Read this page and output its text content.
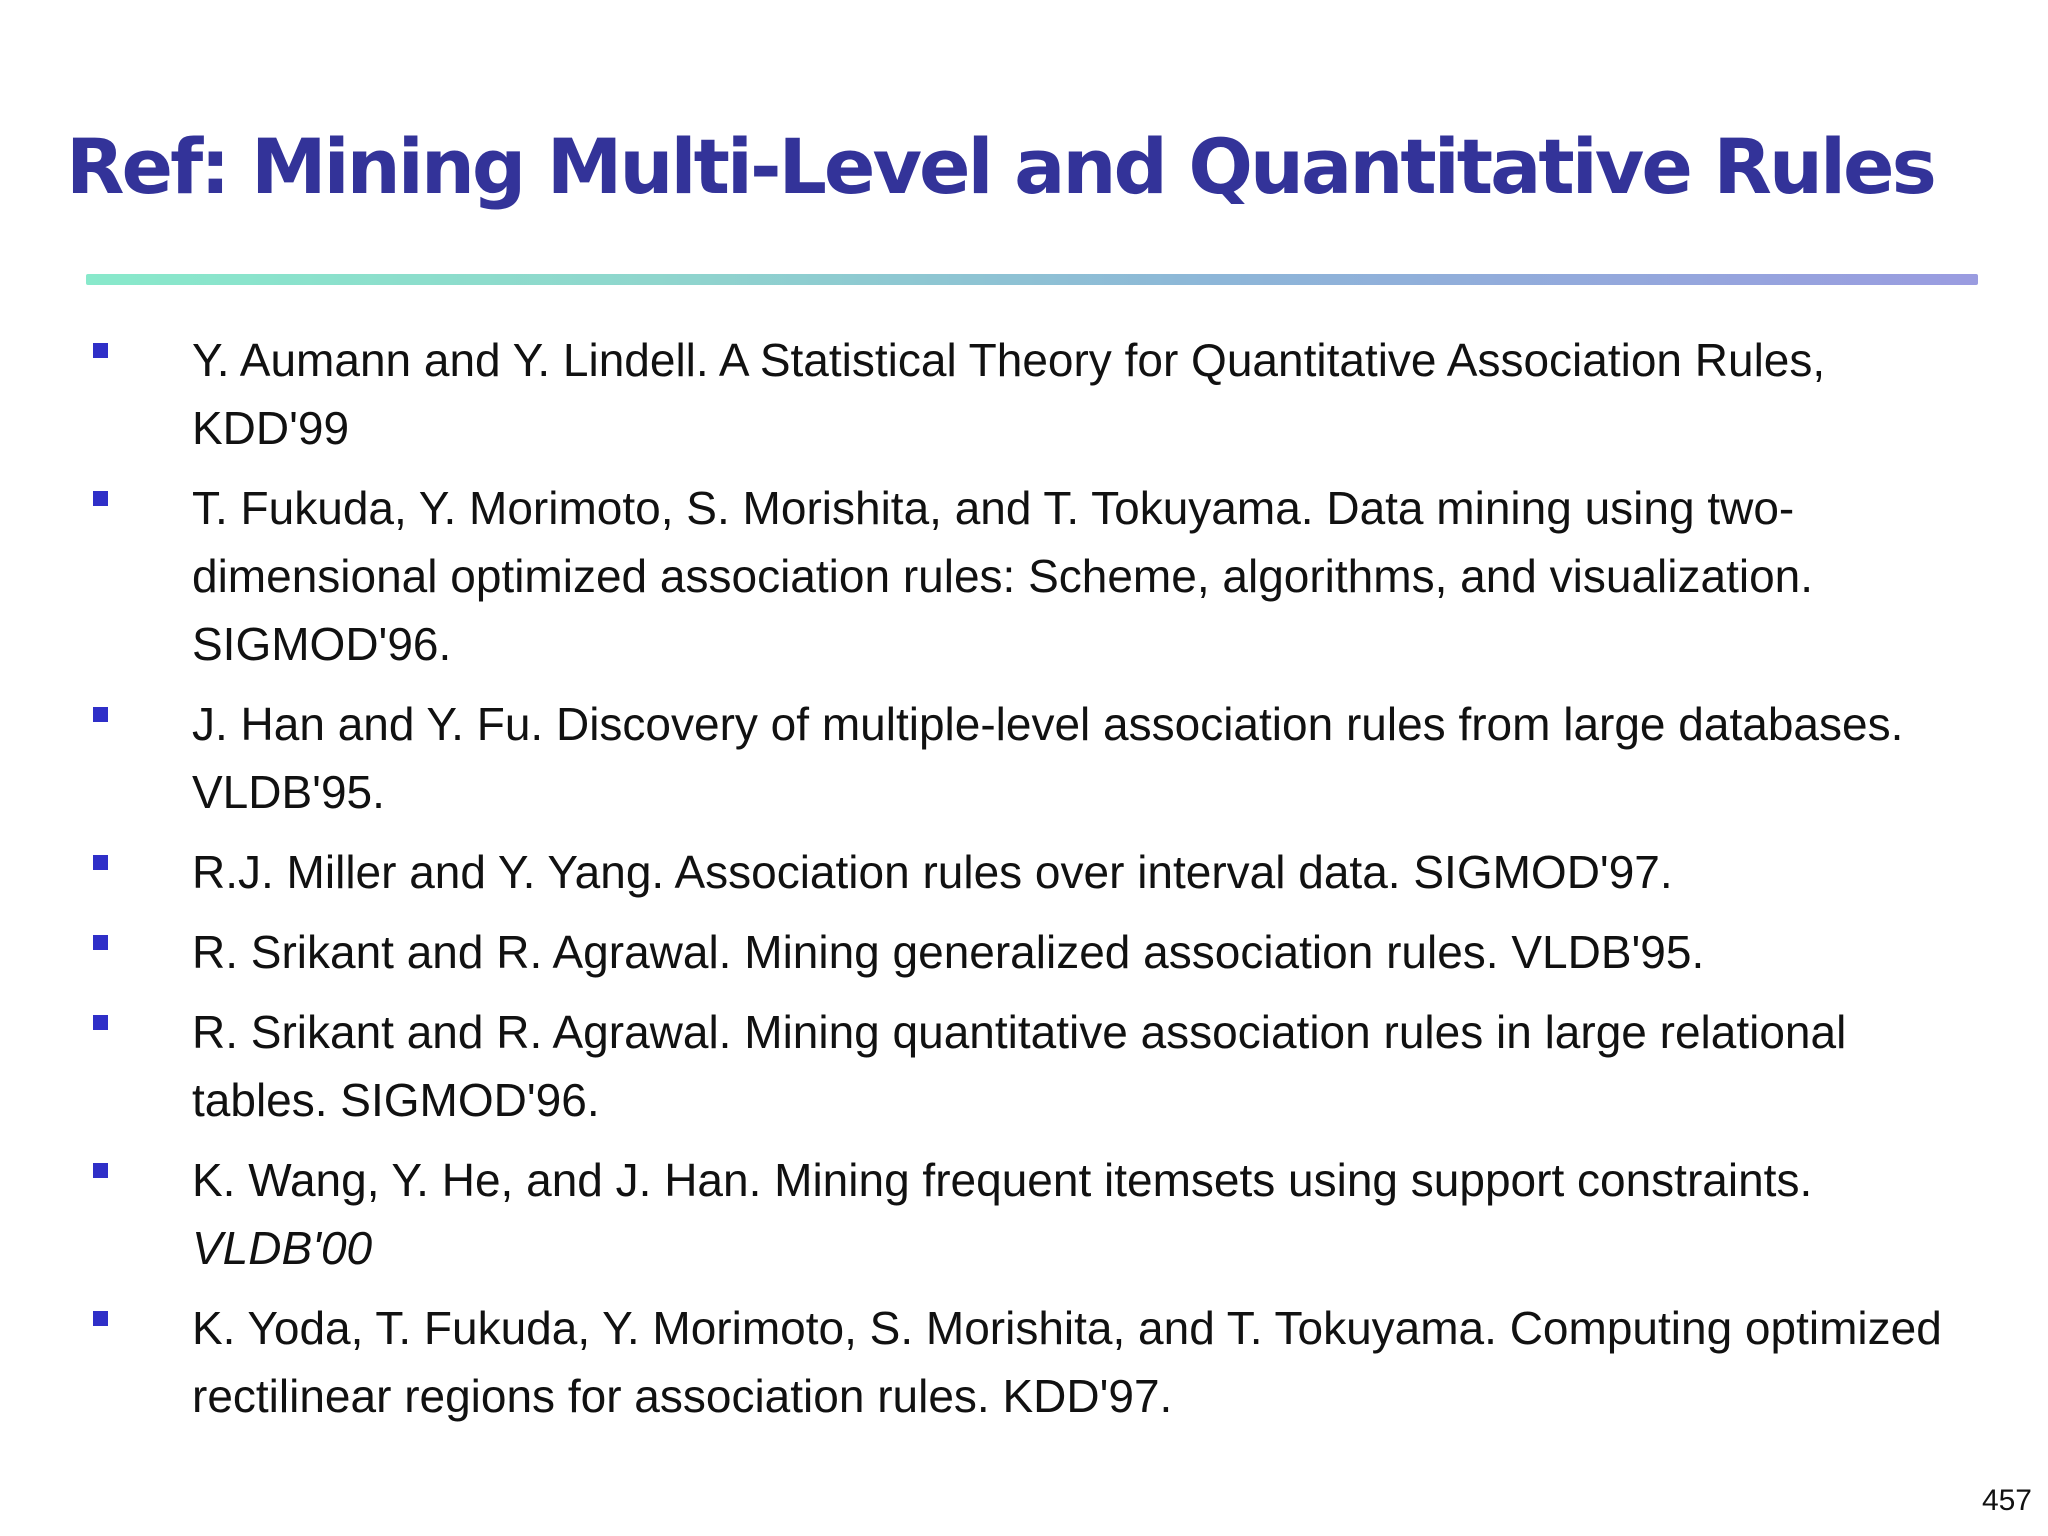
Ref: Mining Multi-Level and Quantitative Rules
Y. Aumann and Y. Lindell. A Statistical Theory for Quantitative Association Rules, KDD'99
T. Fukuda, Y. Morimoto, S. Morishita, and T. Tokuyama. Data mining using two-dimensional optimized association rules: Scheme, algorithms, and visualization. SIGMOD'96.
J. Han and Y. Fu. Discovery of multiple-level association rules from large databases. VLDB'95.
R.J. Miller and Y. Yang. Association rules over interval data. SIGMOD'97.
R. Srikant and R. Agrawal. Mining generalized association rules. VLDB'95.
R. Srikant and R. Agrawal. Mining quantitative association rules in large relational tables. SIGMOD'96.
K. Wang, Y. He, and J. Han. Mining frequent itemsets using support constraints. VLDB'00
K. Yoda, T. Fukuda, Y. Morimoto, S. Morishita, and T. Tokuyama. Computing optimized rectilinear regions for association rules. KDD'97.
457
